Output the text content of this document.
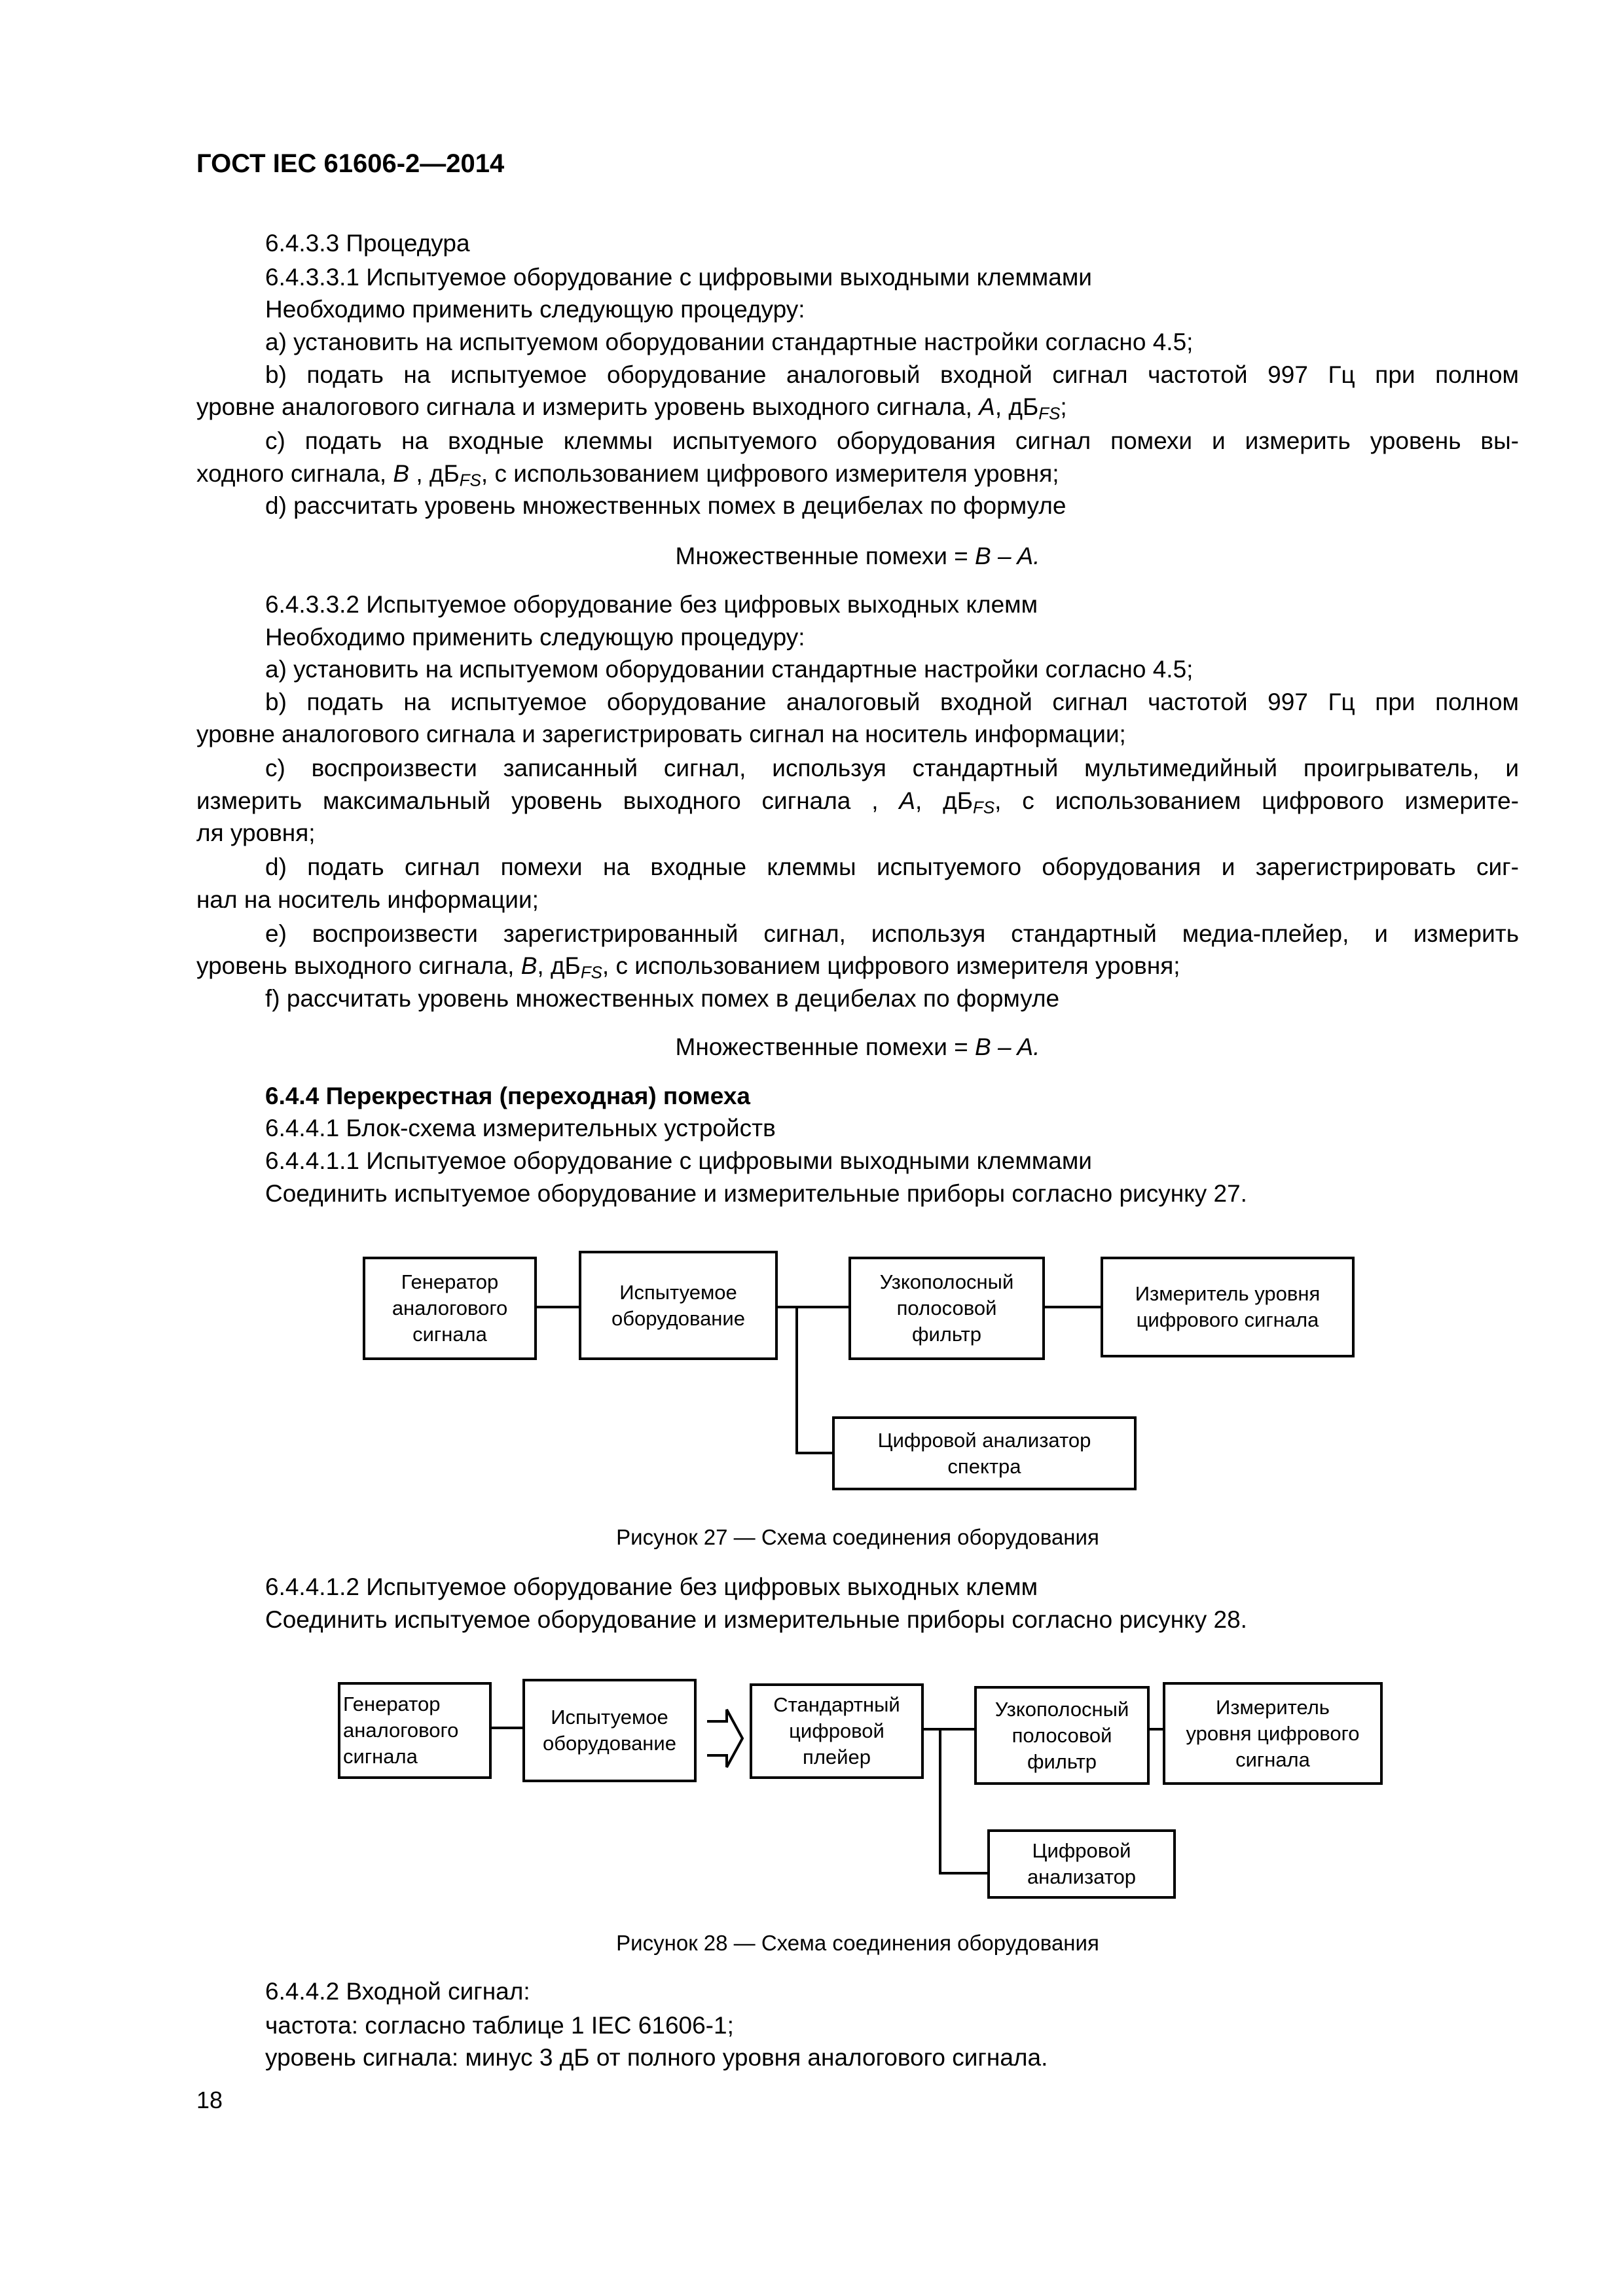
ГОСТ IEC 61606-2—2014
6.4.3.3 Процедура
6.4.3.3.1 Испытуемое оборудование с цифровыми выходными клеммами
Необходимо применить следующую процедуру:
a) установить на испытуемом оборудовании стандартные настройки согласно 4.5;
b) подать на испытуемое оборудование аналоговый входной сигнал частотой 997 Гц при полном
уровне аналогового сигнала и измерить уровень выходного сигнала, A, $дБ_{FS}$;
c) подать на входные клеммы испытуемого оборудования сигнал помехи и измерить уровень вы-
ходного сигнала, B , $дБ_{FS}$, с использованием цифрового измерителя уровня;
d) рассчитать уровень множественных помех в децибелах по формуле
Множественные помехи = B – A.
6.4.3.3.2 Испытуемое оборудование без цифровых выходных клемм
Необходимо применить следующую процедуру:
a) установить на испытуемом оборудовании стандартные настройки согласно 4.5;
b) подать на испытуемое оборудование аналоговый входной сигнал частотой 997 Гц при полном
уровне аналогового сигнала и зарегистрировать сигнал на носитель информации;
c) воспроизвести записанный сигнал, используя стандартный мультимедийный проигрыватель, и
измерить максимальный уровень выходного сигнала , A, $дБ_{FS}$, с использованием цифрового измерите-
ля уровня;
d) подать сигнал помехи на входные клеммы испытуемого оборудования и зарегистрировать сиг-
нал на носитель информации;
e) воспроизвести зарегистрированный сигнал, используя стандартный медиа-плейер, и измерить
уровень выходного сигнала, B, $дБ_{FS}$, с использованием цифрового измерителя уровня;
f) рассчитать уровень множественных помех в децибелах по формуле
Множественные помехи = B – A.
6.4.4 Перекрестная (переходная) помеха
6.4.4.1 Блок-схема измерительных устройств
6.4.4.1.1 Испытуемое оборудование с цифровыми выходными клеммами
Соединить испытуемое оборудование и измерительные приборы согласно рисунку 27.
6.4.4.1.2 Испытуемое оборудование без цифровых выходных клемм
Соединить испытуемое оборудование и измерительные приборы согласно рисунку 28.
6.4.4.2 Входной сигнал:
частота: согласно таблице 1 IEC 61606-1;
уровень сигнала: минус 3 дБ от полного уровня аналогового сигнала.
Генератор
аналогового
сигнала
Испытуемое
оборудование
Узкополосный
полосовой
фильтр
Измеритель уровня
цифрового сигнала
Цифровой анализатор
спектра
Рисунок 27 — Схема соединения оборудования
Генератор
аналогового
сигнала
Испытуемое
оборудование
Стандартный
цифровой
плейер
Узкополосный
полосовой
фильтр
Измеритель
уровня цифрового
сигнала
Цифровой
анализатор
Рисунок 28 — Схема соединения оборудования
18
